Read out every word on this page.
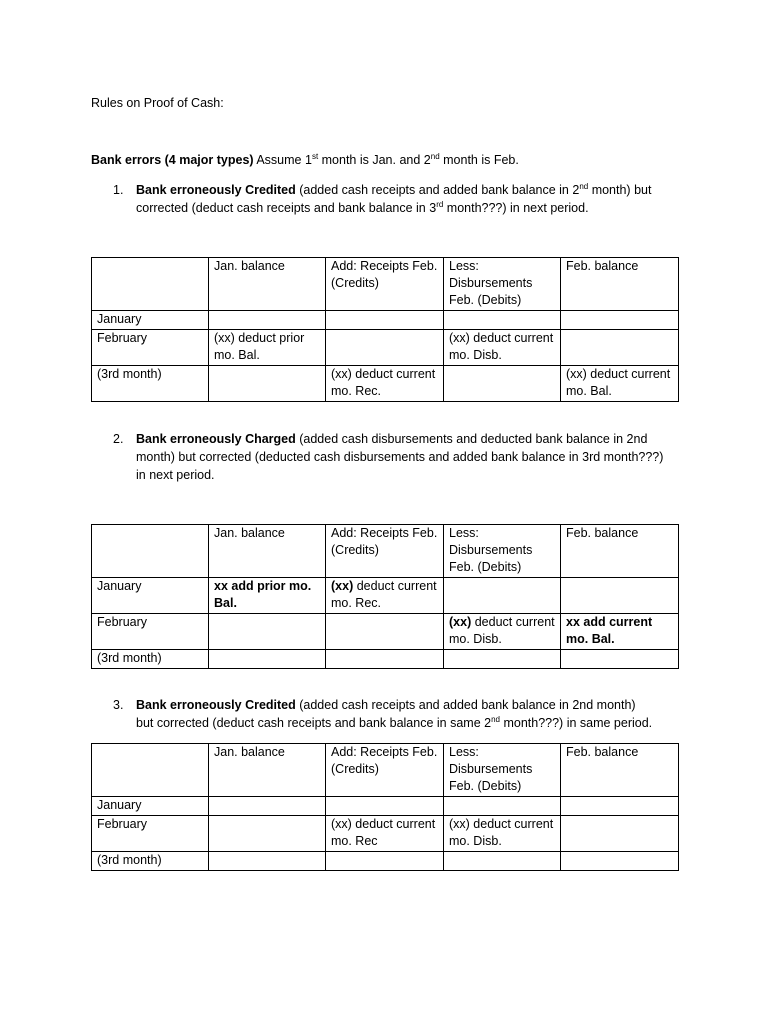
Rules on Proof of Cash:
Bank errors (4 major types) Assume 1st month is Jan. and 2nd month is Feb.
1. Bank erroneously Credited (added cash receipts and added bank balance in 2nd month) but corrected (deduct cash receipts and bank balance in 3rd month???) in next period.
	Jan. balance	Add: Receipts Feb.(Credits)	Less: Disbursements Feb. (Debits)	Feb. balance
January				
February	(xx) deduct prior mo. Bal.		(xx) deduct current mo. Disb.	
(3rd month)		(xx) deduct current mo. Rec.		(xx) deduct current mo. Bal.
2. Bank erroneously Charged (added cash disbursements and deducted bank balance in 2nd month) but corrected (deducted cash disbursements and added bank balance in 3rd month???) in next period.
	Jan. balance	Add: Receipts Feb.(Credits)	Less: Disbursements Feb. (Debits)	Feb. balance
January	xx add prior mo. Bal.	(xx) deduct current mo. Rec.		
February			(xx) deduct current mo. Disb.	xx add current mo. Bal.
(3rd month)				
3. Bank erroneously Credited (added cash receipts and added bank balance in 2nd month) but corrected (deduct cash receipts and bank balance in same 2nd month???) in same period.
	Jan. balance	Add: Receipts Feb.(Credits)	Less: Disbursements Feb. (Debits)	Feb. balance
January				
February		(xx) deduct current mo. Rec	(xx) deduct current mo. Disb.	
(3rd month)				
